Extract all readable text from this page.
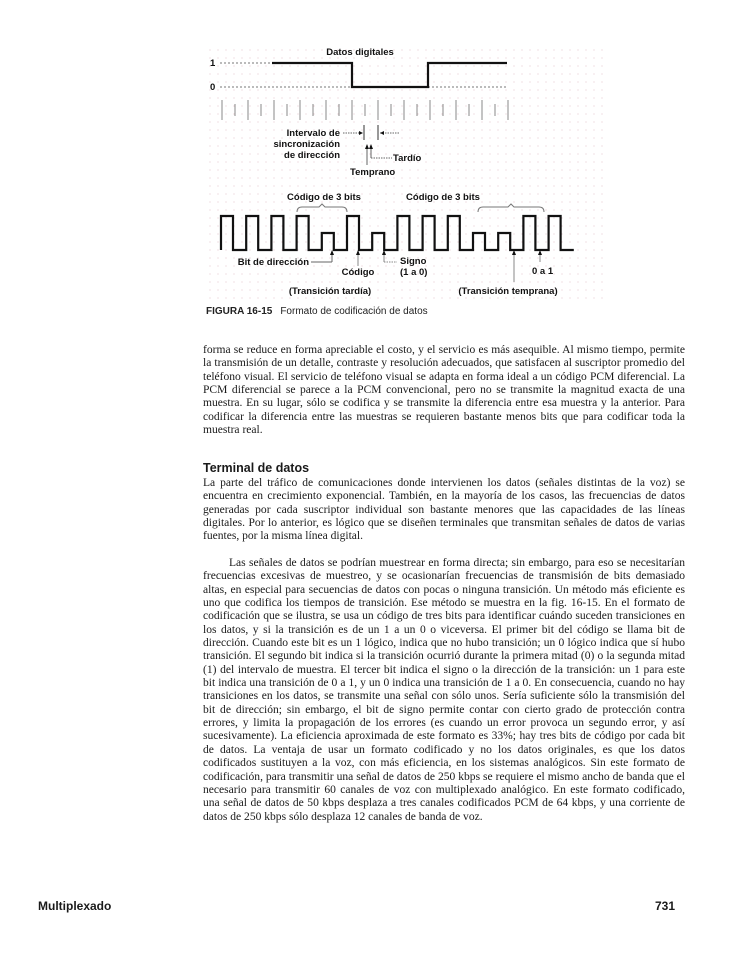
Datos digitales
1
0
Intervalo de
sincronización
de dirección	Tardío
Temprano
Código de 3 bits	Código de 3 bits
Bit de dirección
Código
Signo
(1 a 0)	0 a 1
(Transición tardía)	(Transición temprana)
FIGURA 16-15 Formato de codificación de datos

forma se reduce en forma apreciable el costo, y el servicio es más asequible. Al mismo tiempo, permite la transmisión de un detalle, contraste y resolución adecuados, que satisfacen al suscriptor promedio del teléfono visual. El servicio de teléfono visual se adapta en forma ideal a un código PCM diferencial. La PCM diferencial se parece a la PCM convencional, pero no se transmite la magnitud exacta de una muestra. En su lugar, sólo se codifica y se transmite la diferencia entre esa muestra y la anterior. Para codificar la diferencia entre las muestras se requieren bastante menos bits que para codificar toda la muestra real.

Terminal de datos

La parte del tráfico de comunicaciones donde intervienen los datos (señales distintas de la voz) se encuentra en crecimiento exponencial. También, en la mayoría de los casos, las frecuencias de datos generadas por cada suscriptor individual son bastante menores que las capacidades de las líneas digitales. Por lo anterior, es lógico que se diseñen terminales que transmitan señales de datos de varias fuentes, por la misma línea digital.

Las señales de datos se podrían muestrear en forma directa; sin embargo, para eso se necesitarían frecuencias excesivas de muestreo, y se ocasionarían frecuencias de transmisión de bits demasiado altas, en especial para secuencias de datos con pocas o ninguna transición. Un método más eficiente es uno que codifica los tiempos de transición. Ese método se muestra en la fig. 16-15. En el formato de codificación que se ilustra, se usa un código de tres bits para identificar cuándo suceden transiciones en los datos, y si la transición es de un 1 a un 0 o viceversa. El primer bit del código se llama bit de dirección. Cuando este bit es un 1 lógico, indica que no hubo transición; un 0 lógico indica que sí hubo transición. El segundo bit indica si la transición ocurrió durante la primera mitad (0) o la segunda mitad (1) del intervalo de muestra. El tercer bit indica el signo o la dirección de la transición: un 1 para este bit indica una transición de 0 a 1, y un 0 indica una transición de 1 a 0. En consecuencia, cuando no hay transiciones en los datos, se transmite una señal con sólo unos. Sería suficiente sólo la transmisión del bit de dirección; sin embargo, el bit de signo permite contar con cierto grado de protección contra errores, y limita la propagación de los errores (es cuando un error provoca un segundo error, y así sucesivamente). La eficiencia aproximada de este formato es 33%; hay tres bits de código por cada bit de datos. La ventaja de usar un formato codificado y no los datos originales, es que los datos codificados sustituyen a la voz, con más eficiencia, en los sistemas analógicos. Sin este formato de codificación, para transmitir una señal de datos de 250 kbps se requiere el mismo ancho de banda que el necesario para transmitir 60 canales de voz con multiplexado analógico. En este formato codificado, una señal de datos de 50 kbps desplaza a tres canales codificados PCM de 64 kbps, y una corriente de datos de 250 kbps sólo desplaza 12 canales de banda de voz.

Multiplexado	731
